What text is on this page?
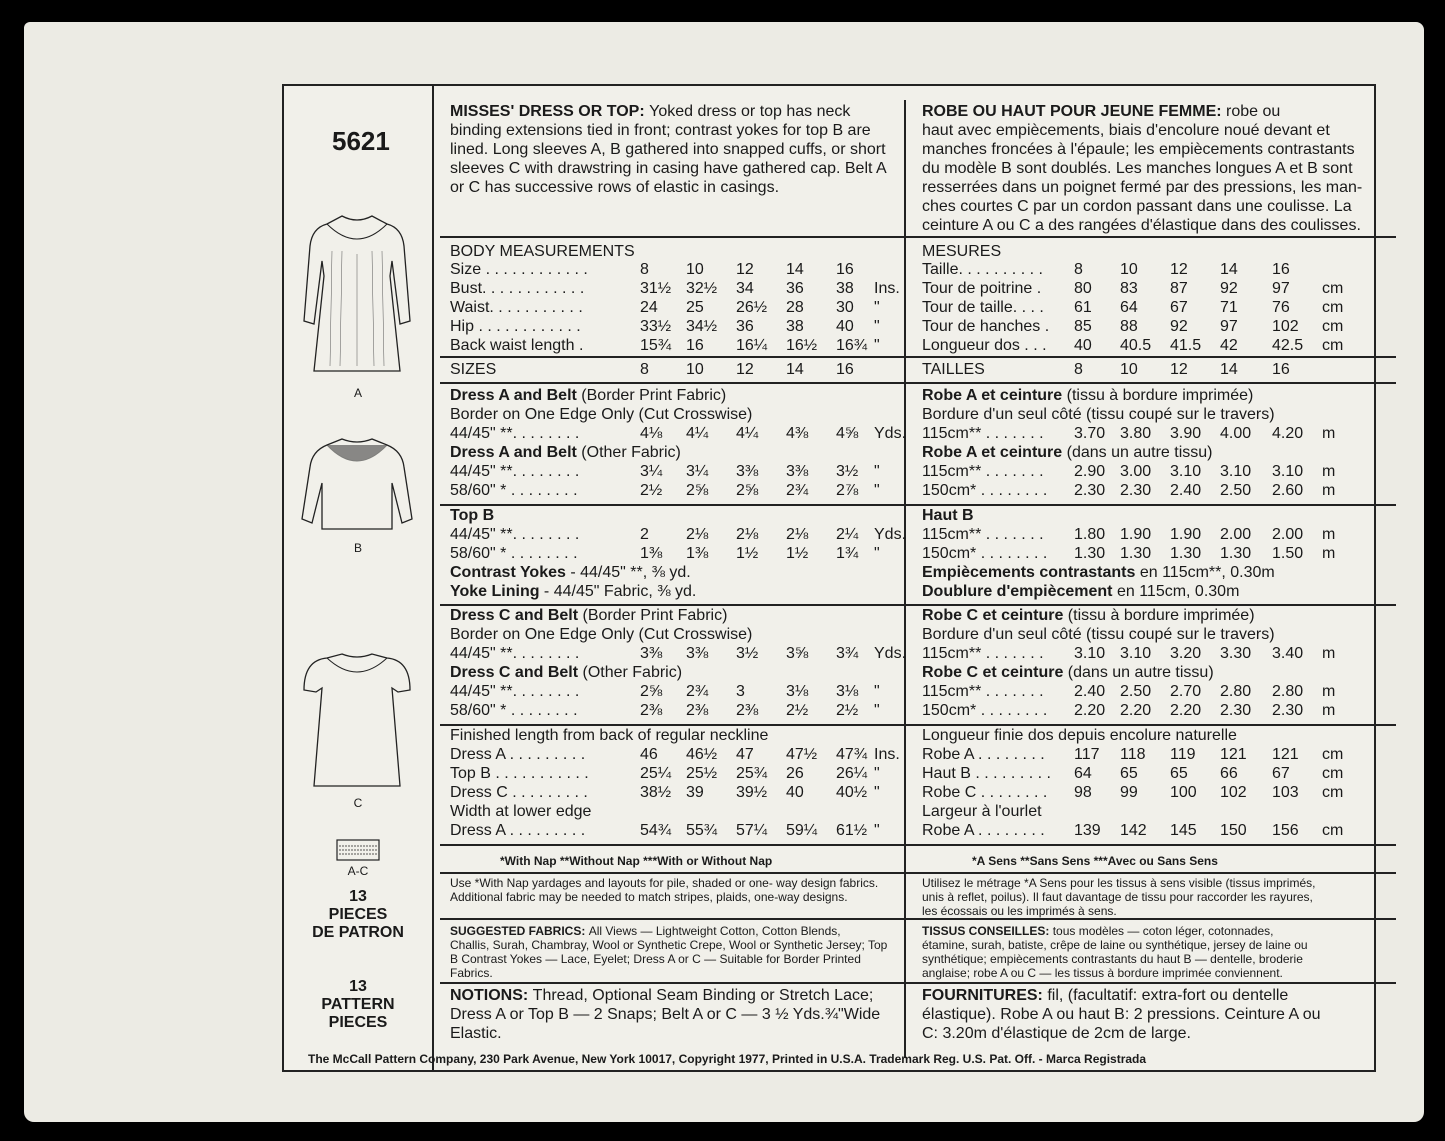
5621
A
B
C
A-C
13
PIECES
DE PATRON
13
PATTERN
PIECES
MISSES' DRESS OR TOP: Yoked dress or top has neck
binding extensions tied in front; contrast yokes for top B are
lined. Long sleeves A, B gathered into snapped cuffs, or short
sleeves C with drawstring in casing have gathered cap. Belt A
or C has successive rows of elastic in casings.
BODY MEASUREMENTS
Size . . . . . . . . . . . .	8 10 12 14 16
Bust. . . . . . . . . . . .	31½ 32½ 34 36 38 Ins.
Waist. . . . . . . . . . .	24 25 26½ 28 30 "
Hip . . . . . . . . . . . .	33½ 34½ 36 38 40 "
Back waist length .	15¾ 16 16¼ 16½ 16¾ "
SIZES	8 10 12 14 16
Dress A and Belt (Border Print Fabric)
Border on One Edge Only (Cut Crosswise)
44/45" **. . . . . . . .	4⅛ 4¼ 4¼ 4⅜ 4⅝ Yds.
Dress A and Belt (Other Fabric)
44/45" **. . . . . . . .	3¼ 3¼ 3⅜ 3⅜ 3½ "
58/60" * . . . . . . . .	2½ 2⅝ 2⅝ 2¾ 2⅞ "
Top B
44/45" **. . . . . . . .	2 2⅛ 2⅛ 2⅛ 2¼ Yds.
58/60" * . . . . . . . .	1⅜ 1⅜ 1½ 1½ 1¾ "
Contrast Yokes - 44/45" **, ⅜ yd.
Yoke Lining - 44/45" Fabric, ⅜ yd.
Dress C and Belt (Border Print Fabric)
Border on One Edge Only (Cut Crosswise)
44/45" **. . . . . . . .	3⅜ 3⅜ 3½ 3⅝ 3¾ Yds.
Dress C and Belt (Other Fabric)
44/45" **. . . . . . . .	2⅝ 2¾ 3	3⅛ 3⅛ "
58/60" * . . . . . . . .	2⅜ 2⅜ 2⅜ 2½ 2½ "
Finished length from back of regular neckline
Dress A . . . . . . . . .	46 46½ 47 47½ 47¾ Ins.
Top B . . . . . . . . . . .	25¼ 25½ 25¾ 26 26¼ "
Dress C . . . . . . . . .	38½ 39 39½ 40 40½ "
Width at lower edge
Dress A . . . . . . . . .	54¾ 55¾ 57¼ 59¼ 61½ "
*With Nap **Without Nap ***With or Without Nap
Use *With Nap yardages and layouts for pile, shaded or one- way design fabrics.
Additional fabric may be needed to match stripes, plaids, one-way designs.
SUGGESTED FABRICS: All Views — Lightweight Cotton, Cotton Blends,
Challis, Surah, Chambray, Wool or Synthetic Crepe, Wool or Synthetic Jersey; Top
B Contrast Yokes — Lace, Eyelet; Dress A or C — Suitable for Border Printed
Fabrics.
NOTIONS: Thread, Optional Seam Binding or Stretch Lace;
Dress A or Top B — 2 Snaps; Belt A or C — 3 ½ Yds.¾"Wide
Elastic.
ROBE OU HAUT POUR JEUNE FEMME: robe ou
haut avec empiècements, biais d'encolure noué devant et
manches froncées à l'épaule; les empiècements contrastants
du modèle B sont doublés. Les manches longues A et B sont
resserrées dans un poignet fermé par des pressions, les man-
ches courtes C par un cordon passant dans une coulisse. La
ceinture A ou C a des rangées d'élastique dans des coulisses.
MESURES
Taille. . . . . . . . . . 8 10 12 14 16
Tour de poitrine . 80 83 87 92 97 cm
Tour de taille. . . . 61 64 67 71 76 cm
Tour de hanches . 85 88 92 97 102 cm
Longueur dos . . . 40 40.5 41.5 42 42.5 cm
TAILLES	8 10 12 14 16
Robe A et ceinture (tissu à bordure imprimée)
Bordure d'un seul côté (tissu coupé sur le travers)
115cm** . . . . . . . 3.70 3.80 3.90 4.00 4.20 m
Robe A et ceinture (dans un autre tissu)
115cm** . . . . . . . 2.90 3.00 3.10 3.10 3.10 m
150cm* . . . . . . . . 2.30 2.30 2.40 2.50 2.60 m
Haut B
115cm** . . . . . . . 1.80 1.90 1.90 2.00 2.00 m
150cm* . . . . . . . . 1.30 1.30 1.30 1.30 1.50 m
Empiècements contrastants en 115cm**, 0.30m
Doublure d'empiècement en 115cm, 0.30m
Robe C et ceinture (tissu à bordure imprimée)
Bordure d'un seul côté (tissu coupé sur le travers)
115cm** . . . . . . . 3.10 3.10 3.20 3.30 3.40 m
Robe C et ceinture (dans un autre tissu)
115cm** . . . . . . . 2.40 2.50 2.70 2.80 2.80 m
150cm* . . . . . . . . 2.20 2.20 2.20 2.30 2.30 m
Longueur finie dos depuis encolure naturelle
Robe A . . . . . . . . 117 118 119 121 121 cm
Haut B . . . . . . . . . 64 65 65 66 67 cm
Robe C . . . . . . . . 98 99 100 102 103 cm
Largeur à l'ourlet
Robe A . . . . . . . . 139 142 145 150 156 cm
*A Sens **Sans Sens ***Avec ou Sans Sens
Utilisez le métrage *A Sens pour les tissus à sens visible (tissus imprimés,
unis à reflet, poilus). Il faut davantage de tissu pour raccorder les rayures,
les écossais ou les imprimés à sens.
TISSUS CONSEILLES: tous modèles — coton léger, cotonnades,
étamine, surah, batiste, crêpe de laine ou synthétique, jersey de laine ou
synthétique; empiècements contrastants du haut B — dentelle, broderie
anglaise; robe A ou C — les tissus à bordure imprimée conviennent.
FOURNITURES: fil, (facultatif: extra-fort ou dentelle
élastique). Robe A ou haut B: 2 pressions. Ceinture A ou
C: 3.20m d'élastique de 2cm de large.
The McCall Pattern Company, 230 Park Avenue, New York 10017, Copyright 1977, Printed in U.S.A. Trademark Reg. U.S. Pat. Off. - Marca Registrada
